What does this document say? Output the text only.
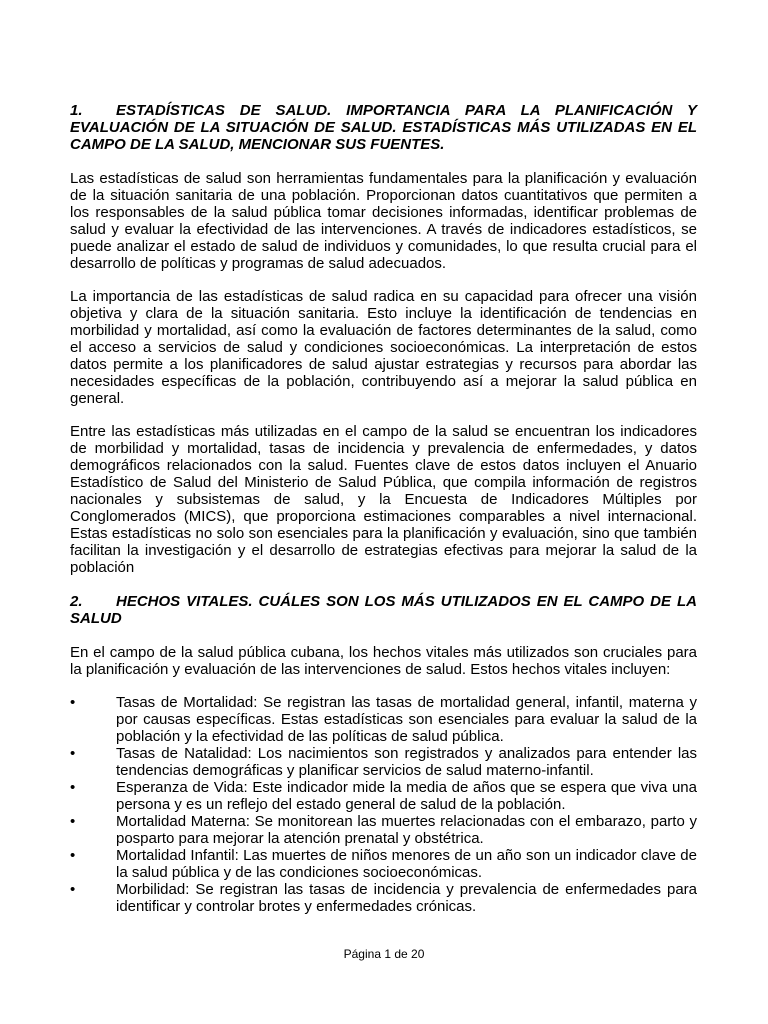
1. ESTADÍSTICAS DE SALUD. IMPORTANCIA PARA LA PLANIFICACIÓN Y EVALUACIÓN DE LA SITUACIÓN DE SALUD. ESTADÍSTICAS MÁS UTILIZADAS EN EL CAMPO DE LA SALUD, MENCIONAR SUS FUENTES.

Las estadísticas de salud son herramientas fundamentales para la planificación y evaluación de la situación sanitaria de una población. Proporcionan datos cuantitativos que permiten a los responsables de la salud pública tomar decisiones informadas, identificar problemas de salud y evaluar la efectividad de las intervenciones. A través de indicadores estadísticos, se puede analizar el estado de salud de individuos y comunidades, lo que resulta crucial para el desarrollo de políticas y programas de salud adecuados.

La importancia de las estadísticas de salud radica en su capacidad para ofrecer una visión objetiva y clara de la situación sanitaria. Esto incluye la identificación de tendencias en morbilidad y mortalidad, así como la evaluación de factores determinantes de la salud, como el acceso a servicios de salud y condiciones socioeconómicas. La interpretación de estos datos permite a los planificadores de salud ajustar estrategias y recursos para abordar las necesidades específicas de la población, contribuyendo así a mejorar la salud pública en general.

Entre las estadísticas más utilizadas en el campo de la salud se encuentran los indicadores de morbilidad y mortalidad, tasas de incidencia y prevalencia de enfermedades, y datos demográficos relacionados con la salud. Fuentes clave de estos datos incluyen el Anuario Estadístico de Salud del Ministerio de Salud Pública, que compila información de registros nacionales y subsistemas de salud, y la Encuesta de Indicadores Múltiples por Conglomerados (MICS), que proporciona estimaciones comparables a nivel internacional. Estas estadísticas no solo son esenciales para la planificación y evaluación, sino que también facilitan la investigación y el desarrollo de estrategias efectivas para mejorar la salud de la población

2. HECHOS VITALES. CUÁLES SON LOS MÁS UTILIZADOS EN EL CAMPO DE LA SALUD

En el campo de la salud pública cubana, los hechos vitales más utilizados son cruciales para la planificación y evaluación de las intervenciones de salud. Estos hechos vitales incluyen:

•	Tasas de Mortalidad: Se registran las tasas de mortalidad general, infantil, materna y por causas específicas. Estas estadísticas son esenciales para evaluar la salud de la población y la efectividad de las políticas de salud pública.
•	Tasas de Natalidad: Los nacimientos son registrados y analizados para entender las tendencias demográficas y planificar servicios de salud materno-infantil.
•	Esperanza de Vida: Este indicador mide la media de años que se espera que viva una persona y es un reflejo del estado general de salud de la población.
•	Mortalidad Materna: Se monitorean las muertes relacionadas con el embarazo, parto y posparto para mejorar la atención prenatal y obstétrica.
•	Mortalidad Infantil: Las muertes de niños menores de un año son un indicador clave de la salud pública y de las condiciones socioeconómicas.
•	Morbilidad: Se registran las tasas de incidencia y prevalencia de enfermedades para identificar y controlar brotes y enfermedades crónicas.
Página 1 de 20
